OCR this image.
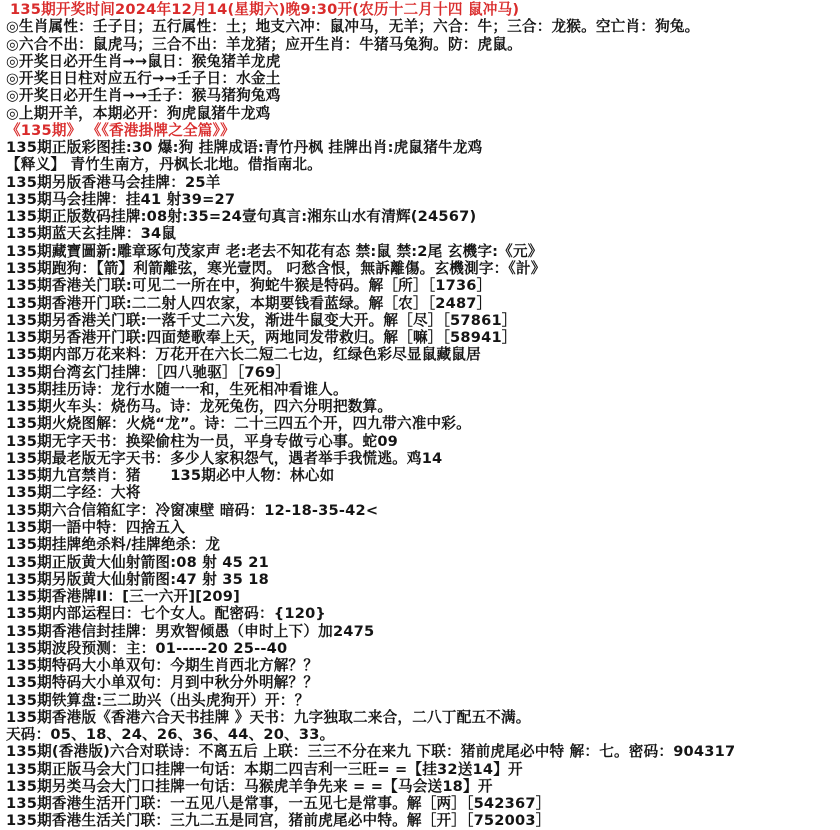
135期开奖时间2024年12月14(星期六)晚9:30开(农历十二月十四 鼠冲马)
◎生肖属性：壬子日；五行属性：土；地支六冲：鼠冲马，无羊；六合：牛；三合：龙猴。空亡肖：狗兔。
◎六合不出：鼠虎马；三合不出：羊龙猪；应开生肖：牛猪马兔狗。防：虎鼠。
◎开奖日必开生肖→→鼠日：猴兔猪羊龙虎
◎开奖日日柱对应五行→→壬子日：水金土
◎开奖日必开生肖→→壬子：猴马猪狗兔鸡
◎上期开羊，本期必开：狗虎鼠猪牛龙鸡
《135期》 《《香港掛牌之全篇》》
135期正版彩图挂:30 爆:狗 挂牌成语:青竹丹枫 挂牌出肖:虎鼠猪牛龙鸡
【释义】 青竹生南方，丹枫长北地。借指南北。
135期另版香港马会挂牌：25羊
135期马会挂牌：挂41 射39=27
135期正版数码挂牌:08射:35=24壹句真言:湘东山水有清辉(24567)
135期蓝天玄挂牌：34鼠
135期藏寶圖新:雕章琢句茂家声 老:老去不知花有态 禁:鼠 禁:2尾 玄機字:《元》
135期跑狗：【箭】利箭離弦，寒光壹閃。 叼愁含恨，無訴離傷。玄機測字：《計》
135期香港关门联:可见二一所在中，狗蛇牛猴是特码。解［所］［1736］
135期香港开门联:二二射人四农家，本期要钱看蓝绿。解［农］［2487］
135期另香港关门联:一落千丈二六发，渐进牛鼠变大开。解［尽］［57861］
135期另香港开门联:四面楚歌奉上天，两地同发带救归。解［嘛］［58941］
135期内部万花来料：万花开在六长二短二七边，红绿色彩尽显鼠藏鼠居
135期台湾玄门挂牌：［四八驰驱］［769］
135期挂历诗：龙行水随一一和，生死相冲看谁人。
135期火车头：烧伤马。诗：龙死兔伤，四六分明把数算。
135期火烧图解：火烧“龙”。诗：二十三四五个开，四九带六准中彩。
135期无字天书：换梁偷柱为一员，平身专做亏心事。蛇09
135期最老版无字天书：多少人家积怨气，遇者举手我慌逃。鸡14
135期九宫禁肖：猪　　135期必中人物：林心如
135期二字经：大将
135期六合信箱紅字：冷窗凍壁 暗码：12-18-35-42<
135期一語中特：四捨五入
135期挂牌绝杀料/挂牌绝杀：龙
135期正版黄大仙射箭图:08 射 45 21
135期另版黄大仙射箭图:47 射 35 18
135期香港牌II：[三一六开][209]
135期内部运程曰：七个女人。配密码：{120}
135期香港信封挂牌：男欢智倾愚（申时上下）加2475
135期波段预测：主：01-----20 25--40
135期特码大小单双句：今期生肖西北方解？？
135期特码大小单双句：月到中秋分外明解？？
135期铁算盘:三二助兴（出头虎狗开）开：？
135期香港版《香港六合天书挂牌 》天书：九字独取二来合，二八丁配五不满。
天码：05、18、24、26、36、44、20、33。
135期(香港版)六合对联诗：不离五后 上联：三三不分在来九 下联：猪前虎尾必中特 解：七。密码：904317
135期正版马会大门口挂牌一句话：本期二四吉利一三旺= =【挂32送14】开
135期另类马会大门口挂牌一句话：马猴虎羊争先来 = =【马会送18】开
135期香港生活开门联：一五见八是常事，一五见七是常事。解［两］［542367］
135期香港生活关门联：三九二五是同宫，猪前虎尾必中特。解［开］［752003］
